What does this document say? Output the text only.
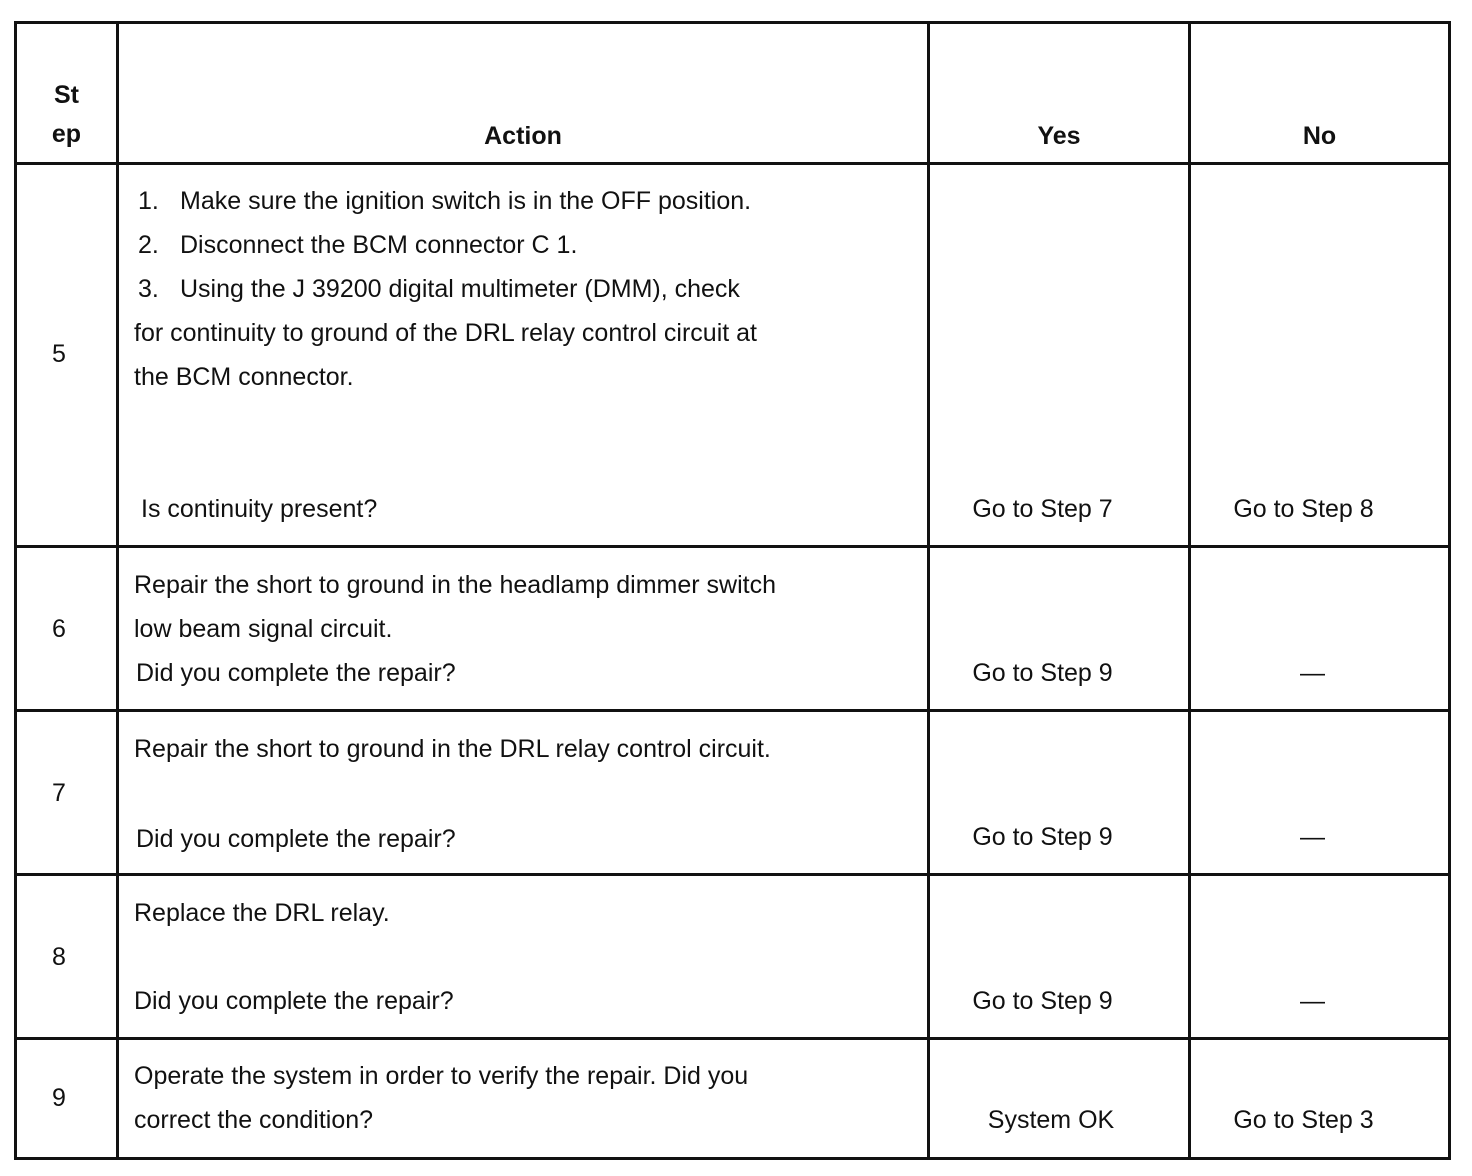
St
ep	Action	Yes	No
5
1. Make sure the ignition switch is in the OFF position.
2. Disconnect the BCM connector C 1.
3. Using the J 39200 digital multimeter (DMM), check
for continuity to ground of the DRL relay control circuit at
the BCM connector.
Is continuity present?	Go to Step 7	Go to Step 8
6
Repair the short to ground in the headlamp dimmer switch
low beam signal circuit.
Did you complete the repair?	Go to Step 9	—
7
Repair the short to ground in the DRL relay control circuit.
Did you complete the repair?	Go to Step 9	—
8
Replace the DRL relay.
Did you complete the repair?	Go to Step 9	—
9
Operate the system in order to verify the repair. Did you
correct the condition?	System OK	Go to Step 3
